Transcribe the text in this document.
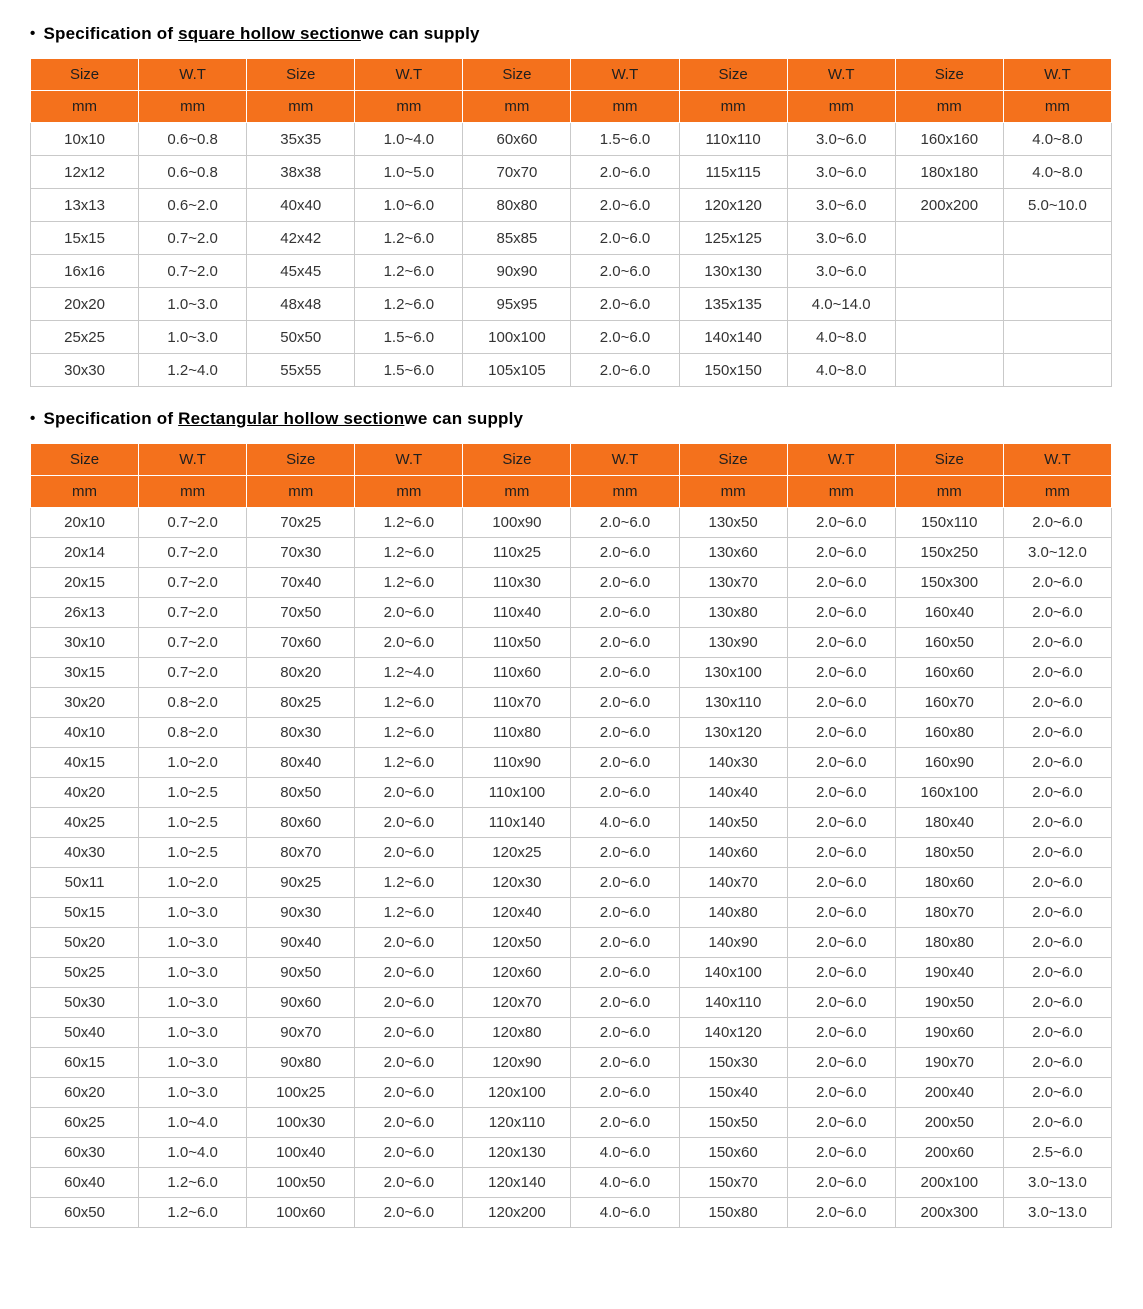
• Specification of square hollow sectionwe can supply
Size	W.T	Size	W.T	Size	W.T	Size	W.T	Size	W.T
mm	mm	mm	mm	mm	mm	mm	mm	mm	mm
10x10	0.6~0.8	35x35	1.0~4.0	60x60	1.5~6.0	110x110	3.0~6.0	160x160	4.0~8.0
12x12	0.6~0.8	38x38	1.0~5.0	70x70	2.0~6.0	115x115	3.0~6.0	180x180	4.0~8.0
13x13	0.6~2.0	40x40	1.0~6.0	80x80	2.0~6.0	120x120	3.0~6.0	200x200	5.0~10.0
15x15	0.7~2.0	42x42	1.2~6.0	85x85	2.0~6.0	125x125	3.0~6.0		
16x16	0.7~2.0	45x45	1.2~6.0	90x90	2.0~6.0	130x130	3.0~6.0		
20x20	1.0~3.0	48x48	1.2~6.0	95x95	2.0~6.0	135x135	4.0~14.0		
25x25	1.0~3.0	50x50	1.5~6.0	100x100	2.0~6.0	140x140	4.0~8.0		
30x30	1.2~4.0	55x55	1.5~6.0	105x105	2.0~6.0	150x150	4.0~8.0		
• Specification of Rectangular hollow sectionwe can supply
Size	W.T	Size	W.T	Size	W.T	Size	W.T	Size	W.T
mm	mm	mm	mm	mm	mm	mm	mm	mm	mm
20x10	0.7~2.0	70x25	1.2~6.0	100x90	2.0~6.0	130x50	2.0~6.0	150x110	2.0~6.0
20x14	0.7~2.0	70x30	1.2~6.0	110x25	2.0~6.0	130x60	2.0~6.0	150x250	3.0~12.0
20x15	0.7~2.0	70x40	1.2~6.0	110x30	2.0~6.0	130x70	2.0~6.0	150x300	2.0~6.0
26x13	0.7~2.0	70x50	2.0~6.0	110x40	2.0~6.0	130x80	2.0~6.0	160x40	2.0~6.0
30x10	0.7~2.0	70x60	2.0~6.0	110x50	2.0~6.0	130x90	2.0~6.0	160x50	2.0~6.0
30x15	0.7~2.0	80x20	1.2~4.0	110x60	2.0~6.0	130x100	2.0~6.0	160x60	2.0~6.0
30x20	0.8~2.0	80x25	1.2~6.0	110x70	2.0~6.0	130x110	2.0~6.0	160x70	2.0~6.0
40x10	0.8~2.0	80x30	1.2~6.0	110x80	2.0~6.0	130x120	2.0~6.0	160x80	2.0~6.0
40x15	1.0~2.0	80x40	1.2~6.0	110x90	2.0~6.0	140x30	2.0~6.0	160x90	2.0~6.0
40x20	1.0~2.5	80x50	2.0~6.0	110x100	2.0~6.0	140x40	2.0~6.0	160x100	2.0~6.0
40x25	1.0~2.5	80x60	2.0~6.0	110x140	4.0~6.0	140x50	2.0~6.0	180x40	2.0~6.0
40x30	1.0~2.5	80x70	2.0~6.0	120x25	2.0~6.0	140x60	2.0~6.0	180x50	2.0~6.0
50x11	1.0~2.0	90x25	1.2~6.0	120x30	2.0~6.0	140x70	2.0~6.0	180x60	2.0~6.0
50x15	1.0~3.0	90x30	1.2~6.0	120x40	2.0~6.0	140x80	2.0~6.0	180x70	2.0~6.0
50x20	1.0~3.0	90x40	2.0~6.0	120x50	2.0~6.0	140x90	2.0~6.0	180x80	2.0~6.0
50x25	1.0~3.0	90x50	2.0~6.0	120x60	2.0~6.0	140x100	2.0~6.0	190x40	2.0~6.0
50x30	1.0~3.0	90x60	2.0~6.0	120x70	2.0~6.0	140x110	2.0~6.0	190x50	2.0~6.0
50x40	1.0~3.0	90x70	2.0~6.0	120x80	2.0~6.0	140x120	2.0~6.0	190x60	2.0~6.0
60x15	1.0~3.0	90x80	2.0~6.0	120x90	2.0~6.0	150x30	2.0~6.0	190x70	2.0~6.0
60x20	1.0~3.0	100x25	2.0~6.0	120x100	2.0~6.0	150x40	2.0~6.0	200x40	2.0~6.0
60x25	1.0~4.0	100x30	2.0~6.0	120x110	2.0~6.0	150x50	2.0~6.0	200x50	2.0~6.0
60x30	1.0~4.0	100x40	2.0~6.0	120x130	4.0~6.0	150x60	2.0~6.0	200x60	2.5~6.0
60x40	1.2~6.0	100x50	2.0~6.0	120x140	4.0~6.0	150x70	2.0~6.0	200x100	3.0~13.0
60x50	1.2~6.0	100x60	2.0~6.0	120x200	4.0~6.0	150x80	2.0~6.0	200x300	3.0~13.0
